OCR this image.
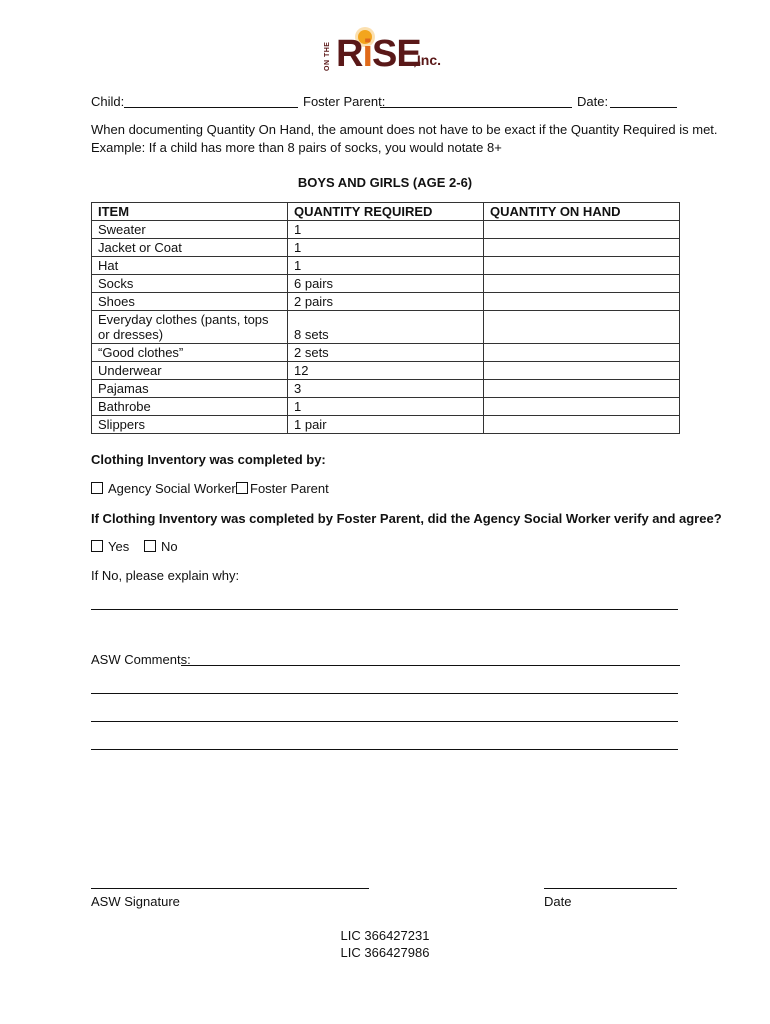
ON THE RiSE
,Inc.
Child:	Foster Parent:	Date:
When documenting Quantity On Hand, the amount does not have to be exact if the Quantity Required is met.
Example: If a child has more than 8 pairs of socks, you would notate 8+
BOYS AND GIRLS (AGE 2-6)
ITEM	QUANTITY REQUIRED	QUANTITY ON HAND
Sweater	1	
Jacket or Coat	1	
Hat	1	
Socks	6 pairs	
Shoes	2 pairs	
Everyday clothes (pants, tops or dresses)	8 sets	
“Good clothes”	2 sets	
Underwear	12	
Pajamas	3	
Bathrobe	1	
Slippers	1 pair	
Clothing Inventory was completed by:
Agency Social Worker	Foster Parent
If Clothing Inventory was completed by Foster Parent, did the Agency Social Worker verify and agree?
Yes	No
If No, please explain why:
ASW Comments:
ASW Signature	Date
LIC 366427231
LIC 366427986
